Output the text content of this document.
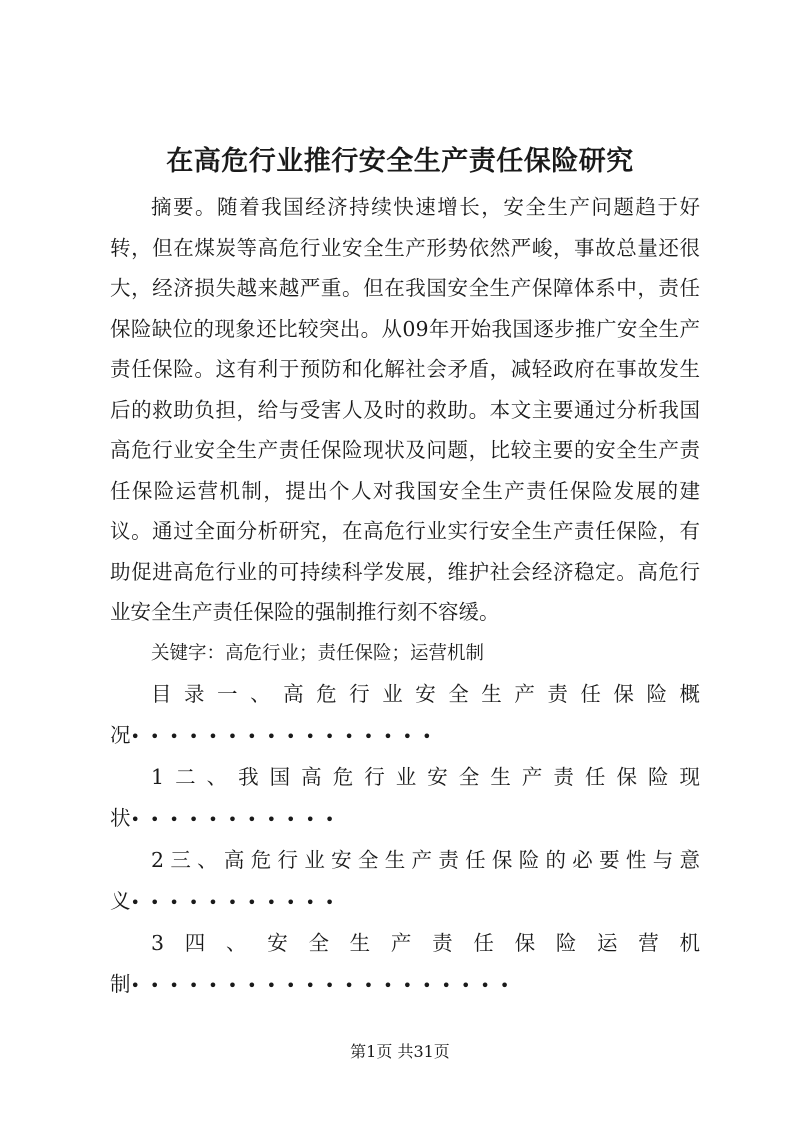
在高危行业推行安全生产责任保险研究

摘要。随着我国经济持续快速增长，安全生产问题趋于好转，但在煤炭等高危行业安全生产形势依然严峻，事故总量还很大，经济损失越来越严重。但在我国安全生产保障体系中，责任保险缺位的现象还比较突出。从09年开始我国逐步推广安全生产责任保险。这有利于预防和化解社会矛盾，减轻政府在事故发生后的救助负担，给与受害人及时的救助。本文主要通过分析我国高危行业安全生产责任保险现状及问题，比较主要的安全生产责任保险运营机制，提出个人对我国安全生产责任保险发展的建议。通过全面分析研究，在高危行业实行安全生产责任保险，有助促进高危行业的可持续科学发展，维护社会经济稳定。高危行业安全生产责任保险的强制推行刻不容缓。

关键字：高危行业；责任保险；运营机制

目录一、高危行业安全生产责任保险概

况••••••••••••••••

1二、我国高危行业安全生产责任保险现

状•••••••••••

2三、高危行业安全生产责任保险的必要性与意

义•••••••••••

3四、安全生产责任保险运营机

制••••••••••••••••••••

第1页 共31页
